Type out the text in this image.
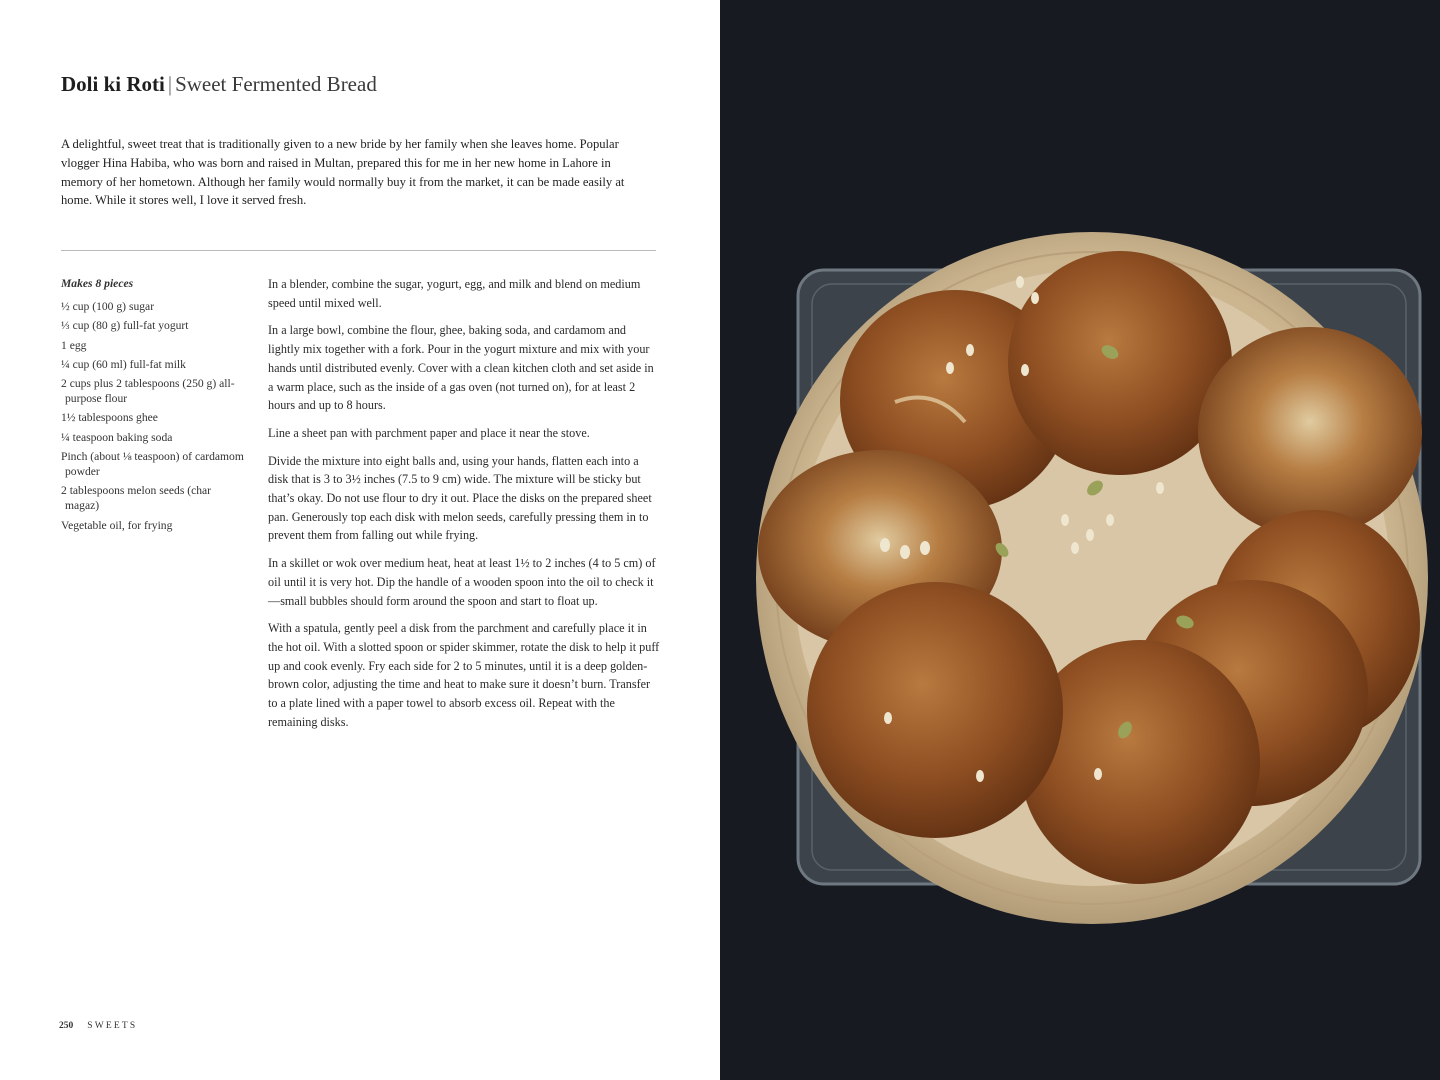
Doli ki Roti | Sweet Fermented Bread

A delightful, sweet treat that is traditionally given to a new bride by her family when she leaves home. Popular vlogger Hina Habiba, who was born and raised in Multan, prepared this for me in her new home in Lahore in memory of her hometown. Although her family would normally buy it from the market, it can be made easily at home. While it stores well, I love it served fresh.

Makes 8 pieces
½ cup (100 g) sugar
⅓ cup (80 g) full-fat yogurt
1 egg
¼ cup (60 ml) full-fat milk
2 cups plus 2 tablespoons (250 g) all-purpose flour
1½ tablespoons ghee
¼ teaspoon baking soda
Pinch (about ⅛ teaspoon) of cardamom powder
2 tablespoons melon seeds (char magaz)
Vegetable oil, for frying

In a blender, combine the sugar, yogurt, egg, and milk and blend on medium speed until mixed well.

In a large bowl, combine the flour, ghee, baking soda, and cardamom and lightly mix together with a fork. Pour in the yogurt mixture and mix with your hands until distributed evenly. Cover with a clean kitchen cloth and set aside in a warm place, such as the inside of a gas oven (not turned on), for at least 2 hours and up to 8 hours.

Line a sheet pan with parchment paper and place it near the stove.

Divide the mixture into eight balls and, using your hands, flatten each into a disk that is 3 to 3½ inches (7.5 to 9 cm) wide. The mixture will be sticky but that’s okay. Do not use flour to dry it out. Place the disks on the prepared sheet pan. Generously top each disk with melon seeds, carefully pressing them in to prevent them from falling out while frying.

In a skillet or wok over medium heat, heat at least 1½ to 2 inches (4 to 5 cm) of oil until it is very hot. Dip the handle of a wooden spoon into the oil to check it—small bubbles should form around the spoon and start to float up.

With a spatula, gently peel a disk from the parchment and carefully place it in the hot oil. With a slotted spoon or spider skimmer, rotate the disk to help it puff up and cook evenly. Fry each side for 2 to 5 minutes, until it is a deep golden-brown color, adjusting the time and heat to make sure it doesn’t burn. Transfer to a plate lined with a paper towel to absorb excess oil. Repeat with the remaining disks.

250 SWEETS
